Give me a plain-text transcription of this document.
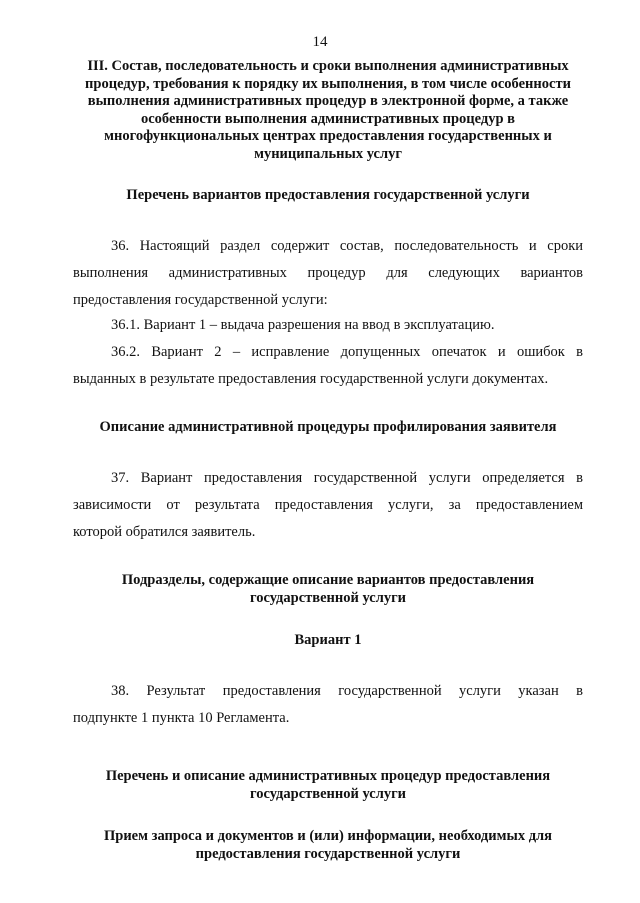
14
III. Состав, последовательность и сроки выполнения административных
процедур, требования к порядку их выполнения, в том числе особенности
выполнения административных процедур в электронной форме, а также
особенности выполнения административных процедур в
многофункциональных центрах предоставления государственных и
муниципальных услуг
Перечень вариантов предоставления государственной услуги
36. Настоящий раздел содержит состав, последовательность и сроки
выполнения административных процедур для следующих вариантов
предоставления государственной услуги:
36.1. Вариант 1 – выдача разрешения на ввод в эксплуатацию.
36.2. Вариант 2 – исправление допущенных опечаток и ошибок в
выданных в результате предоставления государственной услуги документах.
Описание административной процедуры профилирования заявителя
37. Вариант предоставления государственной услуги определяется в
зависимости от результата предоставления услуги, за предоставлением
которой обратился заявитель.
Подразделы, содержащие описание вариантов предоставления
государственной услуги
Вариант 1
38. Результат предоставления государственной услуги указан в
подпункте 1 пункта 10 Регламента.
Перечень и описание административных процедур предоставления
государственной услуги
Прием запроса и документов и (или) информации, необходимых для
предоставления государственной услуги
